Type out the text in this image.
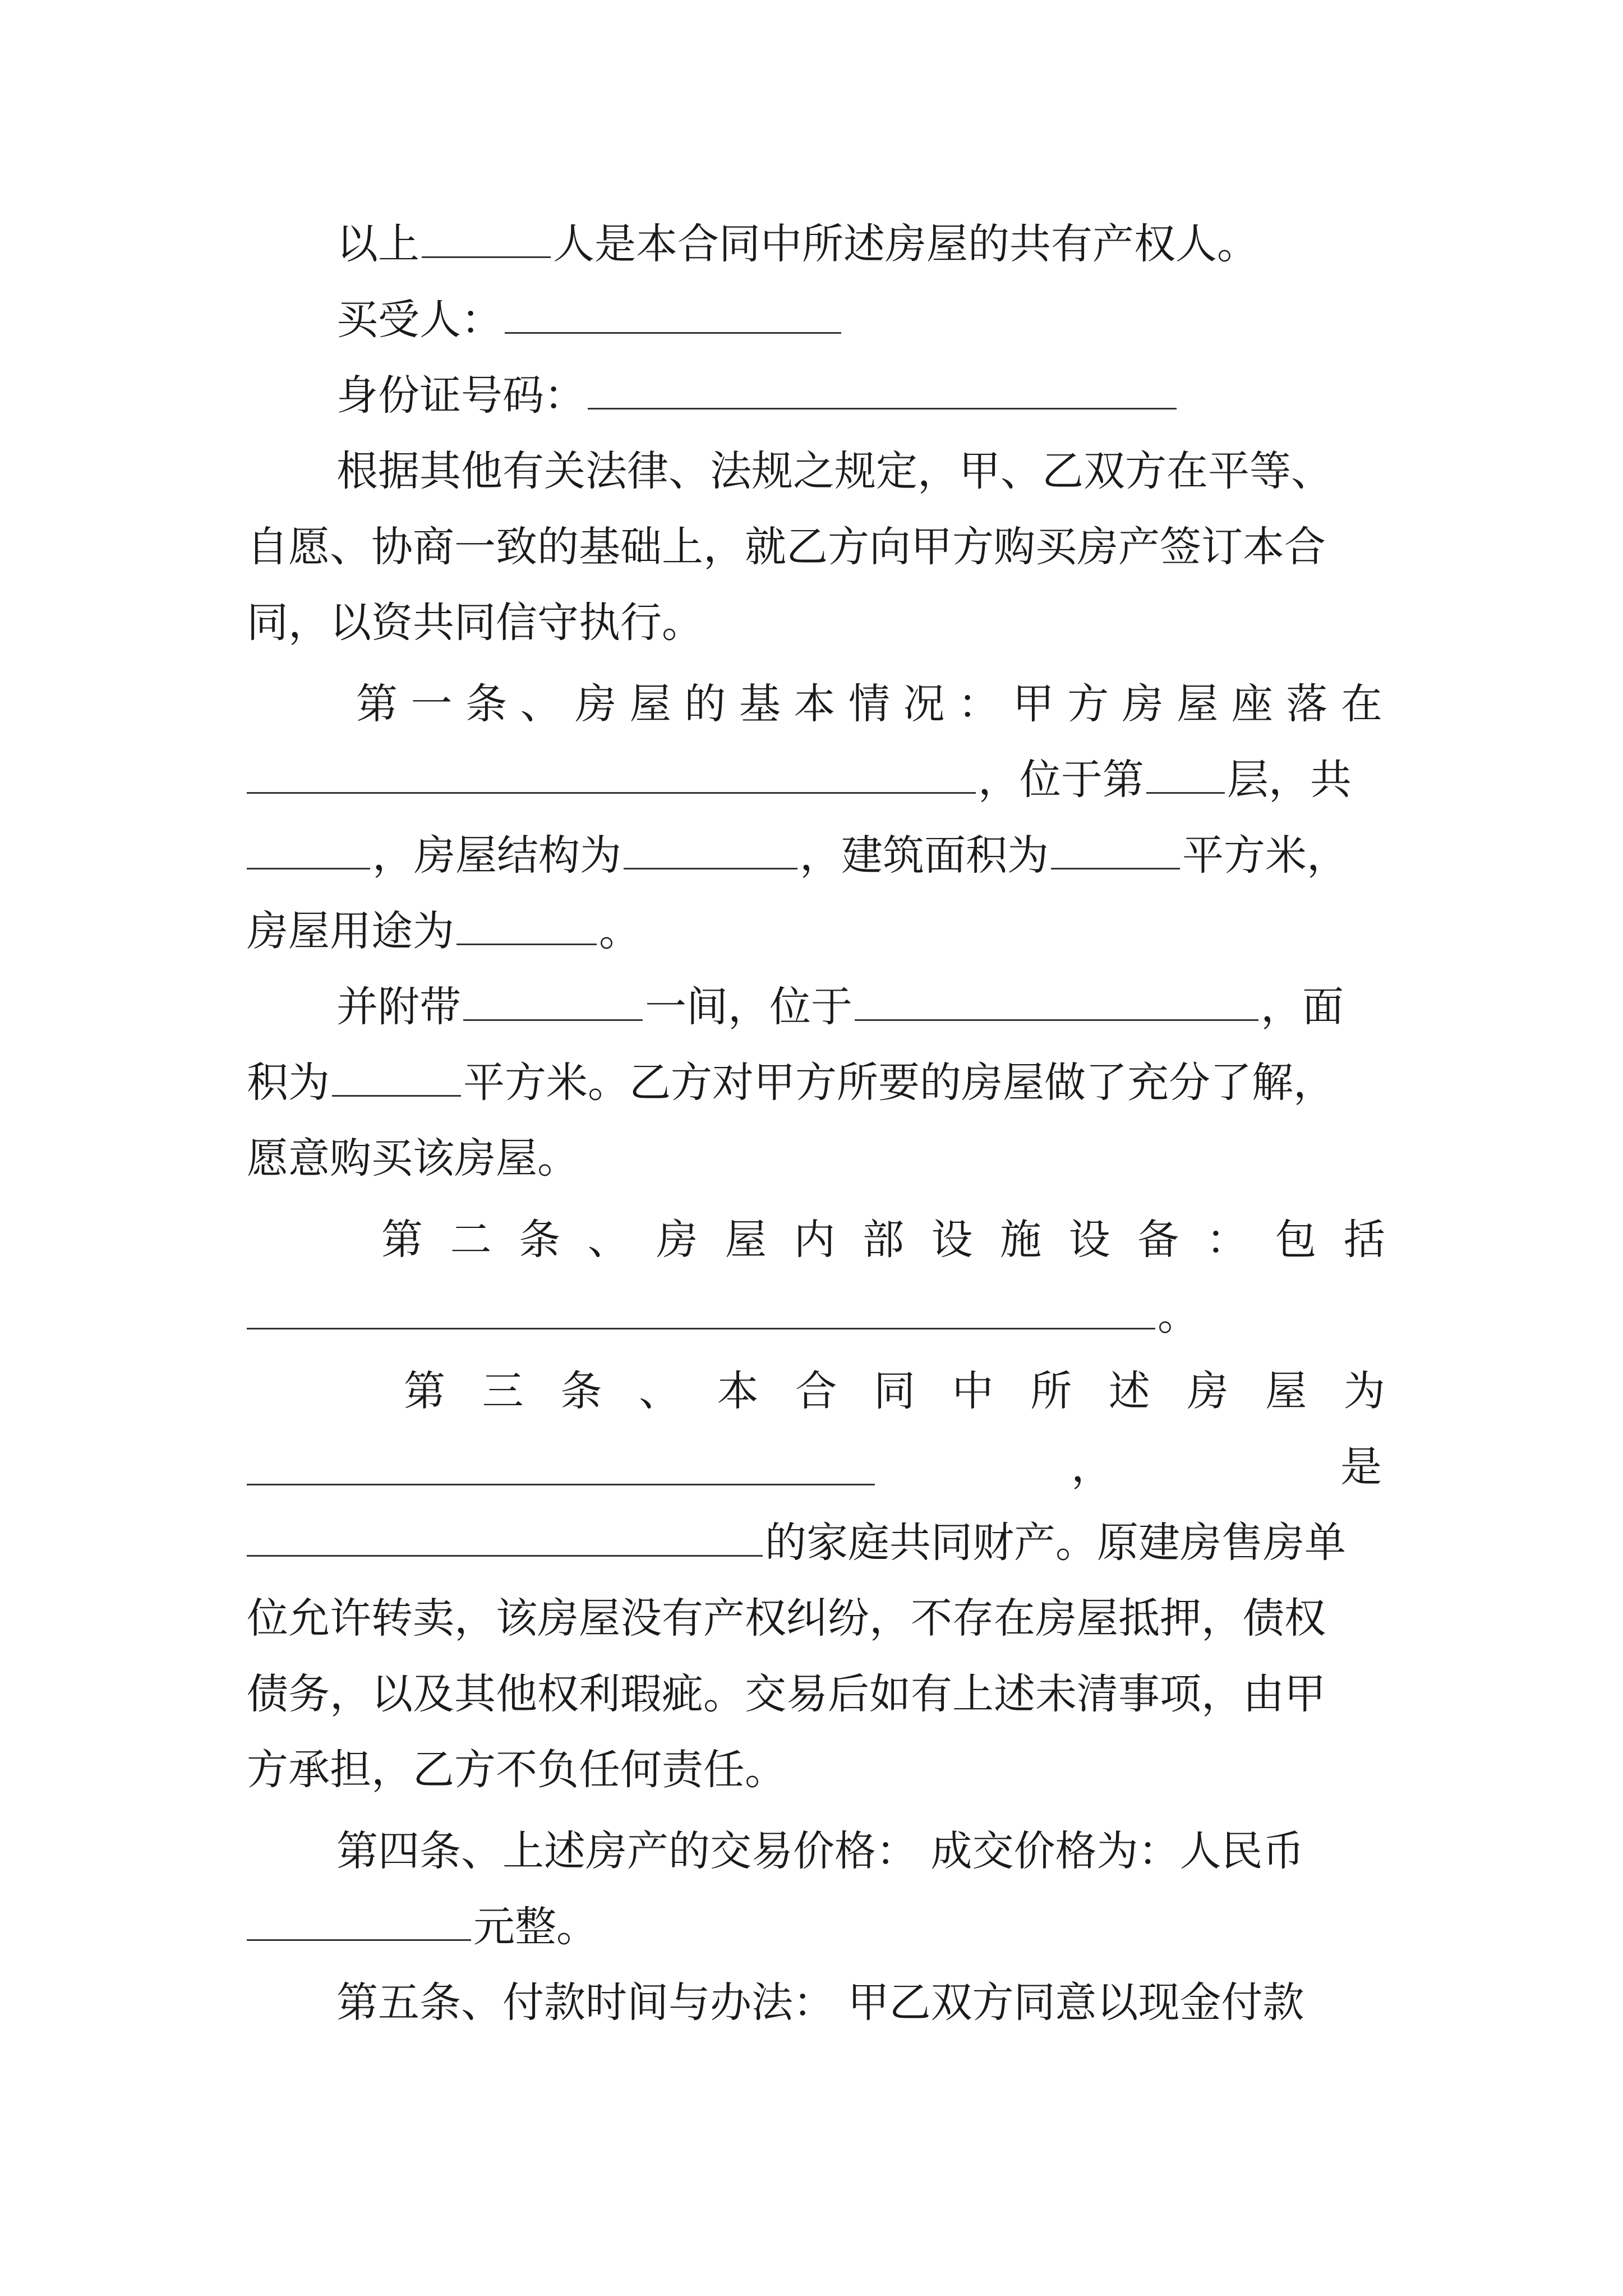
以上	人是本合同中所述房屋的共有产权人。
买受人：
身份证号码：
根据其他有关法律、法规之规定，甲、乙双方在平等、
自愿、协商一致的基础上，就乙方向甲方购买房产签订本合
同，以资共同信守执行。
第 一 条 、 房 屋 的 基 本 情 况 ： 甲 方 房 屋 座 落 在
，位于第 层，共
，房屋结构为	，建筑面积为	平方米，
房屋用途为	。
并附带	一间，位于	，面
积为	平方米。乙方对甲方所要的房屋做了充分了解，
愿意购买该房屋。
第 二 条 、 房 屋 内 部 设 施 设 备 ： 包 括
。
第 三 条 、 本 合 同 中 所 述 房 屋 为
，	是
的家庭共同财产。原建房售房单
位允许转卖，该房屋没有产权纠纷，不存在房屋抵押，债权
债务，以及其他权利瑕疵。交易后如有上述未清事项，由甲
方承担，乙方不负任何责任。
第四条、上述房产的交易价格： 成交价格为：人民币
元整。
第五条、付款时间与办法： 甲乙双方同意以现金付款
